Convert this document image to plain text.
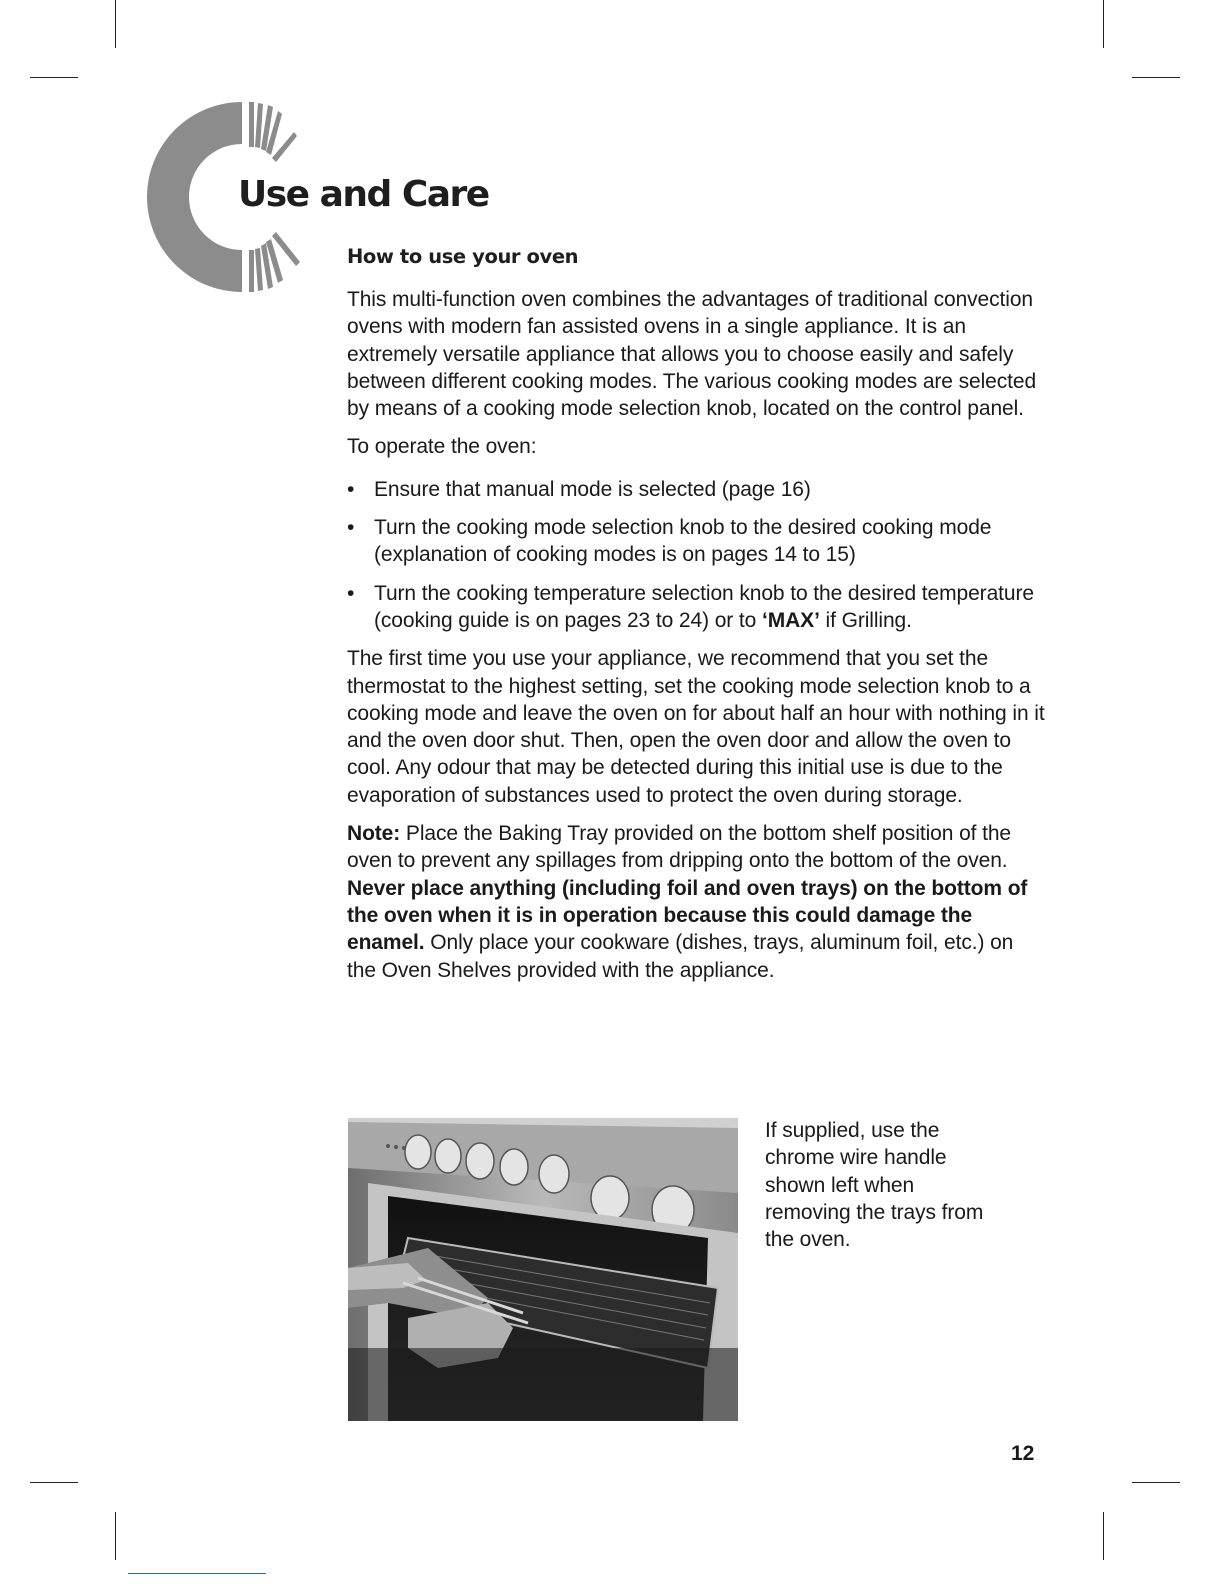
Use and Care
How to use your oven

This multi-function oven combines the advantages of traditional convection ovens with modern fan assisted ovens in a single appliance. It is an extremely versatile appliance that allows you to choose easily and safely between different cooking modes. The various cooking modes are selected by means of a cooking mode selection knob, located on the control panel.

To operate the oven:

• Ensure that manual mode is selected (page 16)
• Turn the cooking mode selection knob to the desired cooking mode (explanation of cooking modes is on pages 14 to 15)
• Turn the cooking temperature selection knob to the desired temperature (cooking guide is on pages 23 to 24) or to ‘MAX’ if Grilling.

The first time you use your appliance, we recommend that you set the thermostat to the highest setting, set the cooking mode selection knob to a cooking mode and leave the oven on for about half an hour with nothing in it and the oven door shut. Then, open the oven door and allow the oven to cool. Any odour that may be detected during this initial use is due to the evaporation of substances used to protect the oven during storage.

Note: Place the Baking Tray provided on the bottom shelf position of the oven to prevent any spillages from dripping onto the bottom of the oven. Never place anything (including foil and oven trays) on the bottom of the oven when it is in operation because this could damage the enamel. Only place your cookware (dishes, trays, aluminum foil, etc.) on the Oven Shelves provided with the appliance.

If supplied, use the chrome wire handle shown left when removing the trays from the oven.

12
